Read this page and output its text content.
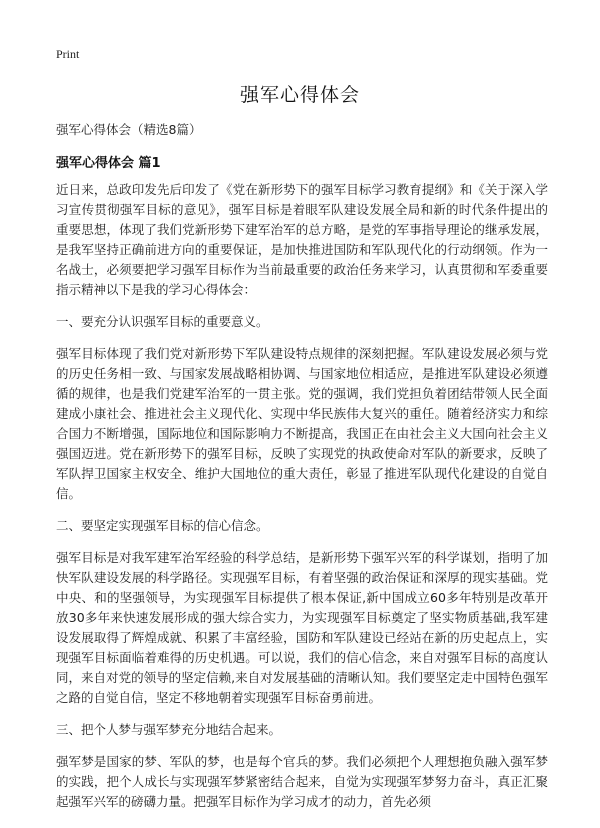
Print
强军心得体会
强军心得体会（精选8篇）
强军心得体会 篇1

近日来，总政印发先后印发了《党在新形势下的强军目标学习教育提纲》和《关于深入学习宣传贯彻强军目标的意见》，强军目标是着眼军队建设发展全局和新的时代条件提出的重要思想，体现了我们党新形势下建军治军的总方略，是党的军事指导理论的继承发展，是我军坚持正确前进方向的重要保证，是加快推进国防和军队现代化的行动纲领。作为一名战士，必须要把学习强军目标作为当前最重要的政治任务来学习，认真贯彻和军委重要指示精神以下是我的学习心得体会：

一、要充分认识强军目标的重要意义。

强军目标体现了我们党对新形势下军队建设特点规律的深刻把握。军队建设发展必须与党的历史任务相一致、与国家发展战略相协调、与国家地位相适应，是推进军队建设必须遵循的规律，也是我们党建军治军的一贯主张。党的强调，我们党担负着团结带领人民全面建成小康社会、推进社会主义现代化、实现中华民族伟大复兴的重任。随着经济实力和综合国力不断增强，国际地位和国际影响力不断提高，我国正在由社会主义大国向社会主义强国迈进。党在新形势下的强军目标，反映了实现党的执政使命对军队的新要求，反映了军队捍卫国家主权安全、维护大国地位的重大责任，彰显了推进军队现代化建设的自觉自信。

二、要坚定实现强军目标的信心信念。

强军目标是对我军建军治军经验的科学总结，是新形势下强军兴军的科学谋划，指明了加快军队建设发展的科学路径。实现强军目标，有着坚强的政治保证和深厚的现实基础。党中央、和的坚强领导，为实现强军目标提供了根本保证,新中国成立60多年特别是改革开放30多年来快速发展形成的强大综合实力，为实现强军目标奠定了坚实物质基础,我军建设发展取得了辉煌成就、积累了丰富经验，国防和军队建设已经站在新的历史起点上，实现强军目标面临着难得的历史机遇。可以说，我们的信心信念，来自对强军目标的高度认同，来自对党的领导的坚定信赖,来自对发展基础的清晰认知。我们要坚定走中国特色强军之路的自觉自信，坚定不移地朝着实现强军目标奋勇前进。

三、把个人梦与强军梦充分地结合起来。

强军梦是国家的梦、军队的梦，也是每个官兵的梦。我们必须把个人理想抱负融入强军梦的实践，把个人成长与实现强军梦紧密结合起来，自觉为实现强军梦努力奋斗，真正汇聚起强军兴军的磅礴力量。把强军目标作为学习成才的动力，首先必须
